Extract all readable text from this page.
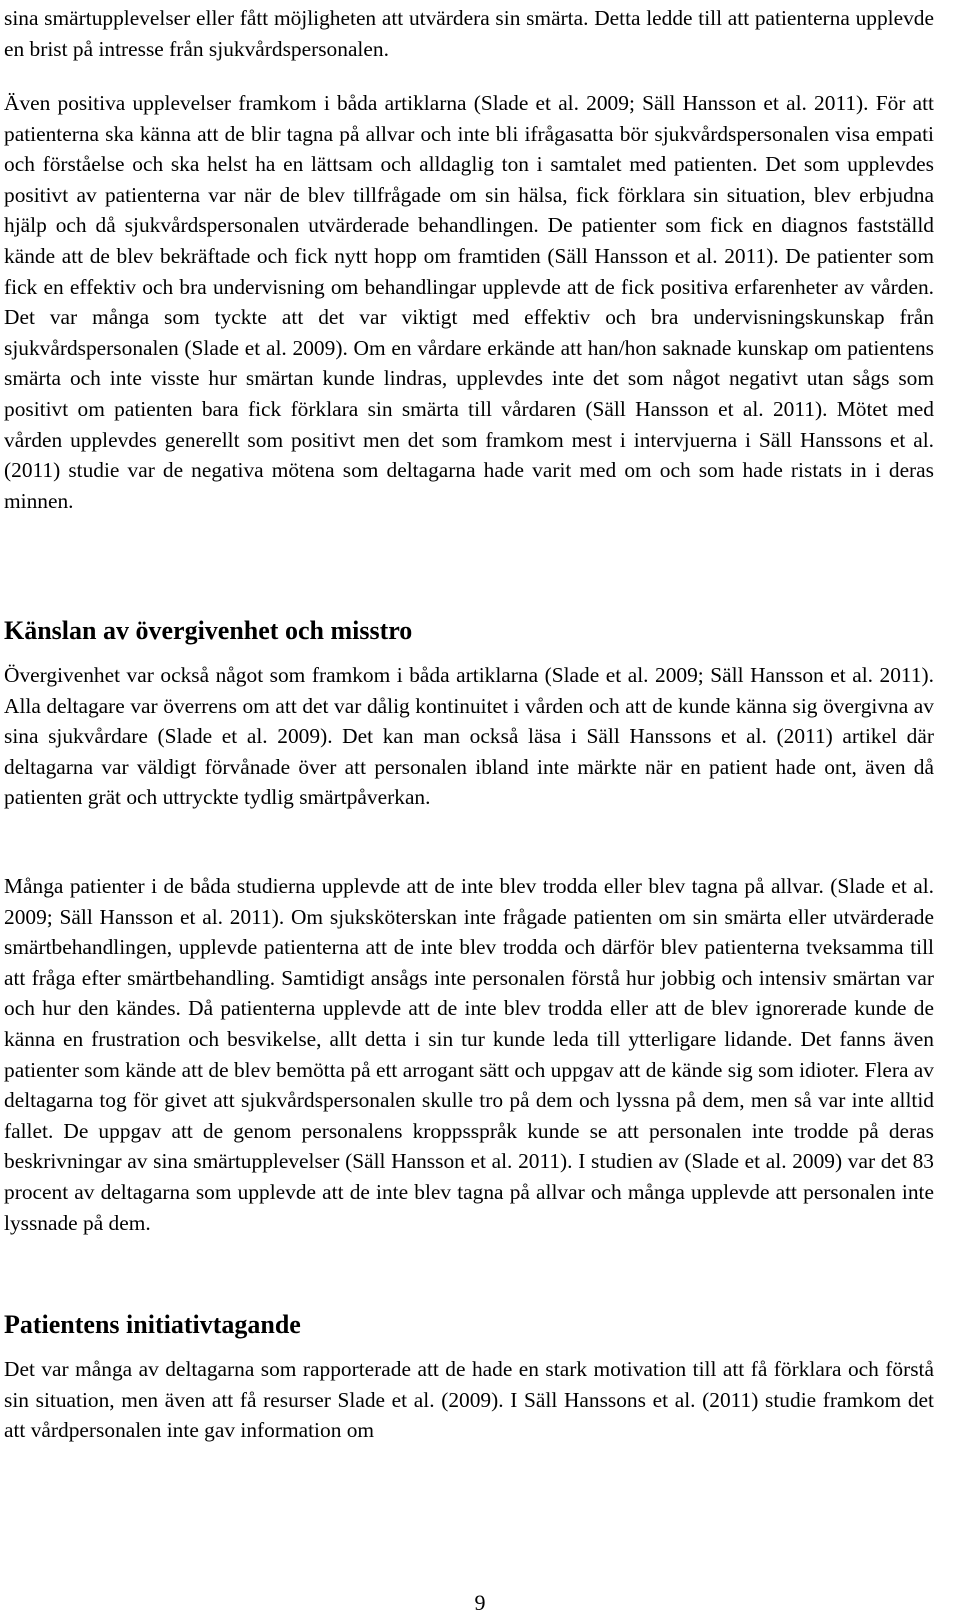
sina smärtupplevelser eller fått möjligheten att utvärdera sin smärta. Detta ledde till att patienterna upplevde en brist på intresse från sjukvårdspersonalen.

Även positiva upplevelser framkom i båda artiklarna (Slade et al. 2009; Säll Hansson et al. 2011). För att patienterna ska känna att de blir tagna på allvar och inte bli ifrågasatta bör sjukvårdspersonalen visa empati och förståelse och ska helst ha en lättsam och alldaglig ton i samtalet med patienten. Det som upplevdes positivt av patienterna var när de blev tillfrågade om sin hälsa, fick förklara sin situation, blev erbjudna hjälp och då sjukvårdspersonalen utvärderade behandlingen. De patienter som fick en diagnos fastställd kände att de blev bekräftade och fick nytt hopp om framtiden (Säll Hansson et al. 2011). De patienter som fick en effektiv och bra undervisning om behandlingar upplevde att de fick positiva erfarenheter av vården. Det var många som tyckte att det var viktigt med effektiv och bra undervisningskunskap från sjukvårdspersonalen (Slade et al. 2009). Om en vårdare erkände att han/hon saknade kunskap om patientens smärta och inte visste hur smärtan kunde lindras, upplevdes inte det som något negativt utan sågs som positivt om patienten bara fick förklara sin smärta till vårdaren (Säll Hansson et al. 2011). Mötet med vården upplevdes generellt som positivt men det som framkom mest i intervjuerna i Säll Hanssons et al. (2011) studie var de negativa mötena som deltagarna hade varit med om och som hade ristats in i deras minnen.

Känslan av övergivenhet och misstro

Övergivenhet var också något som framkom i båda artiklarna (Slade et al. 2009; Säll Hansson et al. 2011). Alla deltagare var överrens om att det var dålig kontinuitet i vården och att de kunde känna sig övergivna av sina sjukvårdare (Slade et al. 2009). Det kan man också läsa i Säll Hanssons et al. (2011) artikel där deltagarna var väldigt förvånade över att personalen ibland inte märkte när en patient hade ont, även då patienten grät och uttryckte tydlig smärtpåverkan.

Många patienter i de båda studierna upplevde att de inte blev trodda eller blev tagna på allvar. (Slade et al. 2009; Säll Hansson et al. 2011). Om sjuksköterskan inte frågade patienten om sin smärta eller utvärderade smärtbehandlingen, upplevde patienterna att de inte blev trodda och därför blev patienterna tveksamma till att fråga efter smärtbehandling. Samtidigt ansågs inte personalen förstå hur jobbig och intensiv smärtan var och hur den kändes. Då patienterna upplevde att de inte blev trodda eller att de blev ignorerade kunde de känna en frustration och besvikelse, allt detta i sin tur kunde leda till ytterligare lidande. Det fanns även patienter som kände att de blev bemötta på ett arrogant sätt och uppgav att de kände sig som idioter. Flera av deltagarna tog för givet att sjukvårdspersonalen skulle tro på dem och lyssna på dem, men så var inte alltid fallet. De uppgav att de genom personalens kroppsspråk kunde se att personalen inte trodde på deras beskrivningar av sina smärtupplevelser (Säll Hansson et al. 2011). I studien av (Slade et al. 2009) var det 83 procent av deltagarna som upplevde att de inte blev tagna på allvar och många upplevde att personalen inte lyssnade på dem.

Patientens initiativtagande

Det var många av deltagarna som rapporterade att de hade en stark motivation till att få förklara och förstå sin situation, men även att få resurser Slade et al. (2009). I Säll Hanssons et al. (2011) studie framkom det att vårdpersonalen inte gav information om

9
